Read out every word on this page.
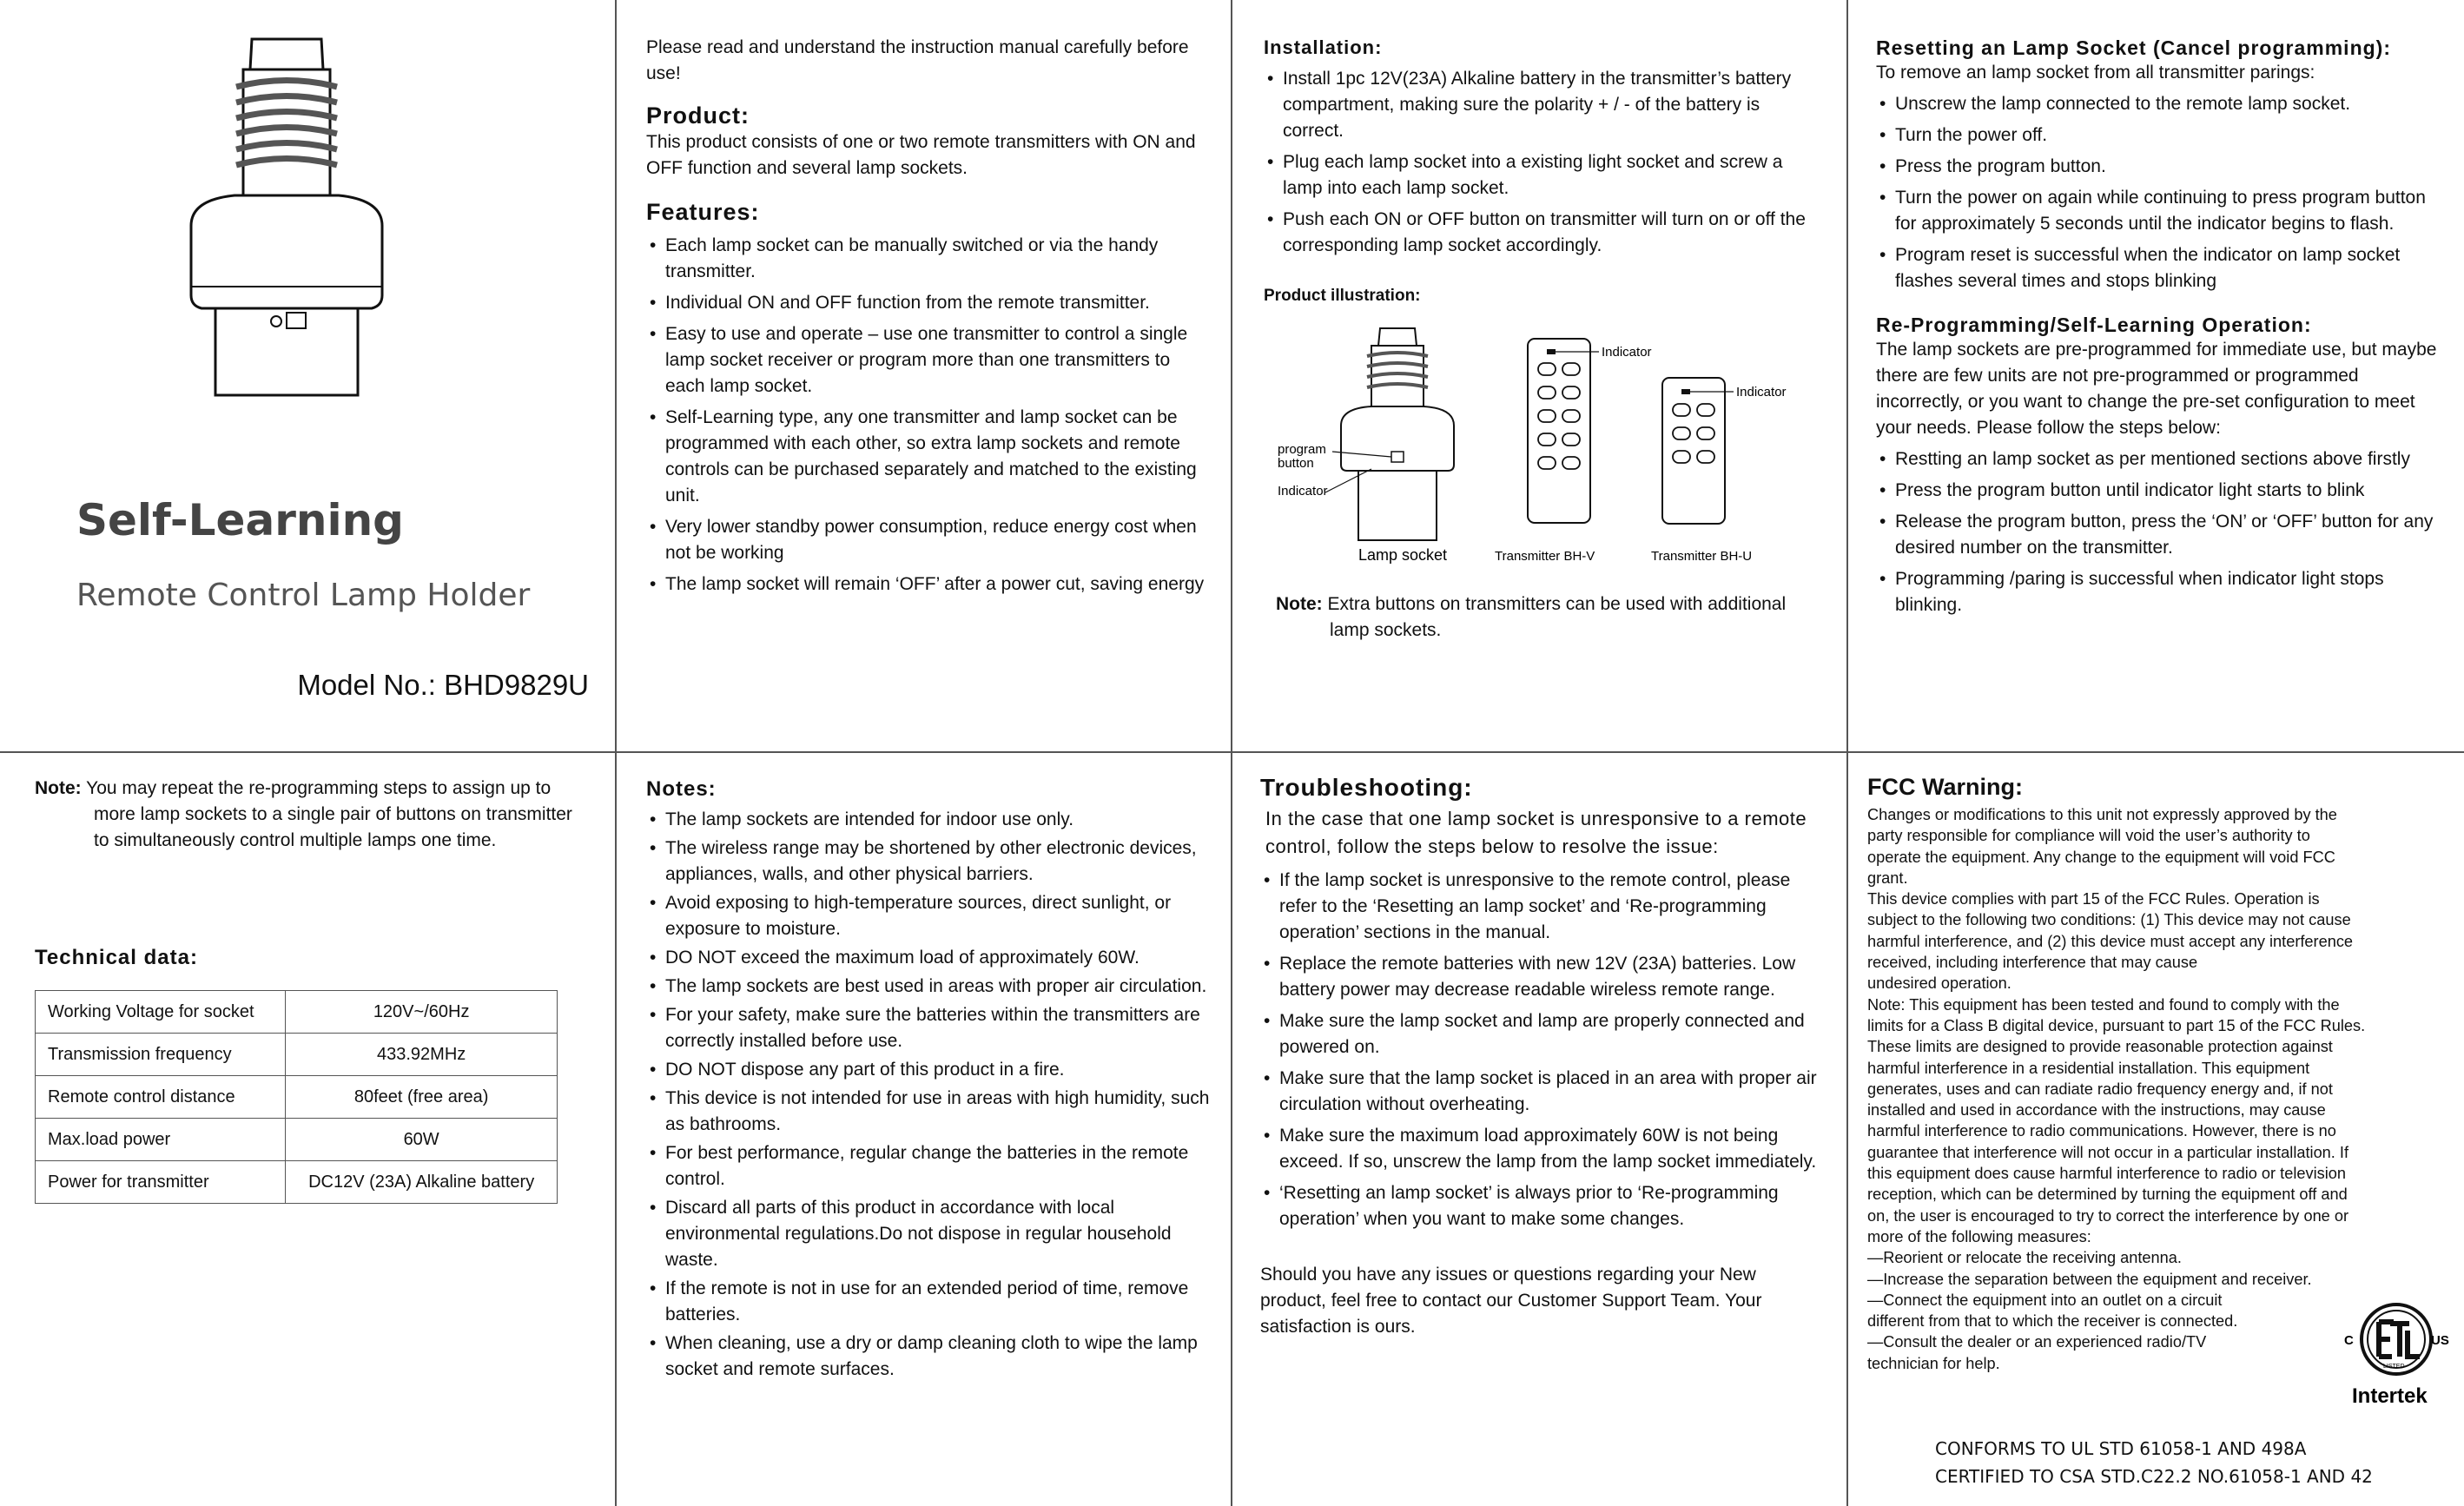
Self-Learning
Remote Control Lamp Holder
Model No.: BHD9829U

Please read and understand the instruction manual carefully before use!

Product:

This product consists of one or two remote transmitters with ON and OFF function and several lamp sockets.

Features:

• Each lamp socket can be manually switched or via the handy transmitter.
• Individual ON and OFF function from the remote transmitter.
• Easy to use and operate – use one transmitter to control a single lamp socket receiver or program more than one transmitters to each lamp socket.
• Self-Learning type, any one transmitter and lamp socket can be programmed with each other, so extra lamp sockets and remote controls can be purchased separately and matched to the existing unit.
• Very lower standby power consumption, reduce energy cost when not be working
• The lamp socket will remain ‘OFF’ after a power cut, saving energy

Installation:

• Install 1pc 12V(23A) Alkaline battery in the transmitter’s battery compartment, making sure the polarity + / - of the battery is correct.
• Plug each lamp socket into a existing light socket and screw a lamp into each lamp socket.
• Push each ON or OFF button on transmitter will turn on or off the corresponding lamp socket accordingly.

Product illustration:

program button
Indicator
Lamp socket
Indicator
Transmitter BH-V
Indicator
Transmitter BH-U

Note: Extra buttons on transmitters can be used with additional lamp sockets.

Resetting an Lamp Socket (Cancel programming):

To remove an lamp socket from all transmitter parings:

• Unscrew the lamp connected to the remote lamp socket.
• Turn the power off.
• Press the program button.
• Turn the power on again while continuing to press program button for approximately 5 seconds until the indicator begins to flash.
• Program reset is successful when the indicator on lamp socket flashes several times and stops blinking

Re-Programming/Self-Learning Operation:

The lamp sockets are pre-programmed for immediate use, but maybe there are few units are not pre-programmed or programmed incorrectly, or you want to change the pre-set configuration to meet your needs. Please follow the steps below:

• Restting an lamp socket as per mentioned sections above firstly
• Press the program button until indicator light starts to blink
• Release the program button, press the ‘ON’ or ‘OFF’ button for any desired number on the transmitter.
• Programming /paring is successful when indicator light stops blinking.

Note: You may repeat the re-programming steps to assign up to more lamp sockets to a single pair of buttons on transmitter to simultaneously control multiple lamps one time.

Technical data:

Working Voltage for socket	120V~/60Hz
Transmission frequency	433.92MHz
Remote control distance	80feet (free area)
Max.load power	60W
Power for transmitter	DC12V (23A) Alkaline battery

Notes:

• The lamp sockets are intended for indoor use only.
• The wireless range may be shortened by other electronic devices, appliances, walls, and other physical barriers.
• Avoid exposing to high-temperature sources, direct sunlight, or exposure to moisture.
• DO NOT exceed the maximum load of approximately 60W.
• The lamp sockets are best used in areas with proper air circulation.
• For your safety, make sure the batteries within the transmitters are correctly installed before use.
• DO NOT dispose any part of this product in a fire.
• This device is not intended for use in areas with high humidity, such as bathrooms.
• For best performance, regular change the batteries in the remote control.
• Discard all parts of this product in accordance with local environmental regulations.Do not dispose in regular household waste.
• If the remote is not in use for an extended period of time, remove batteries.
• When cleaning, use a dry or damp cleaning cloth to wipe the lamp socket and remote surfaces.

Troubleshooting:

In the case that one lamp socket is unresponsive to a remote control, follow the steps below to resolve the issue:

• If the lamp socket is unresponsive to the remote control, please refer to the ‘Resetting an lamp socket’ and ‘Re-programming operation’ sections in the manual.
• Replace the remote batteries with new 12V (23A) batteries. Low battery power may decrease readable wireless remote range.
• Make sure the lamp socket and lamp are properly connected and powered on.
• Make sure that the lamp socket is placed in an area with proper air circulation without overheating.
• Make sure the maximum load approximately 60W is not being exceed. If so, unscrew the lamp from the lamp socket immediately.
• ‘Resetting an lamp socket’ is always prior to ‘Re-programming operation’ when you want to make some changes.

Should you have any issues or questions regarding your New product, feel free to contact our Customer Support Team. Your satisfaction is ours.

FCC Warning:

Changes or modifications to this unit not expressly approved by the
party responsible for compliance will void the user’s authority to
operate the equipment. Any change to the equipment will void FCC
grant.
This device complies with part 15 of the FCC Rules. Operation is
subject to the following two conditions: (1) This device may not cause
harmful interference, and (2) this device must accept any interference
received, including interference that may cause
undesired operation.
Note: This equipment has been tested and found to comply with the
limits for a Class B digital device, pursuant to part 15 of the FCC Rules.
These limits are designed to provide reasonable protection against
harmful interference in a residential installation. This equipment
generates, uses and can radiate radio frequency energy and, if not
installed and used in accordance with the instructions, may cause
harmful interference to radio communications. However, there is no
guarantee that interference will not occur in a particular installation. If
this equipment does cause harmful interference to radio or television
reception, which can be determined by turning the equipment off and
on, the user is encouraged to try to correct the interference by one or
more of the following measures:
—Reorient or relocate the receiving antenna.
—Increase the separation between the equipment and receiver.
—Connect the equipment into an outlet on a circuit
different from that to which the receiver is connected.
—Consult the dealer or an experienced radio/TV
technician for help.
C	US
LISTED
Intertek
CONFORMS TO UL STD 61058-1 AND 498A
CERTIFIED TO CSA STD.C22.2 NO.61058-1 AND 42
